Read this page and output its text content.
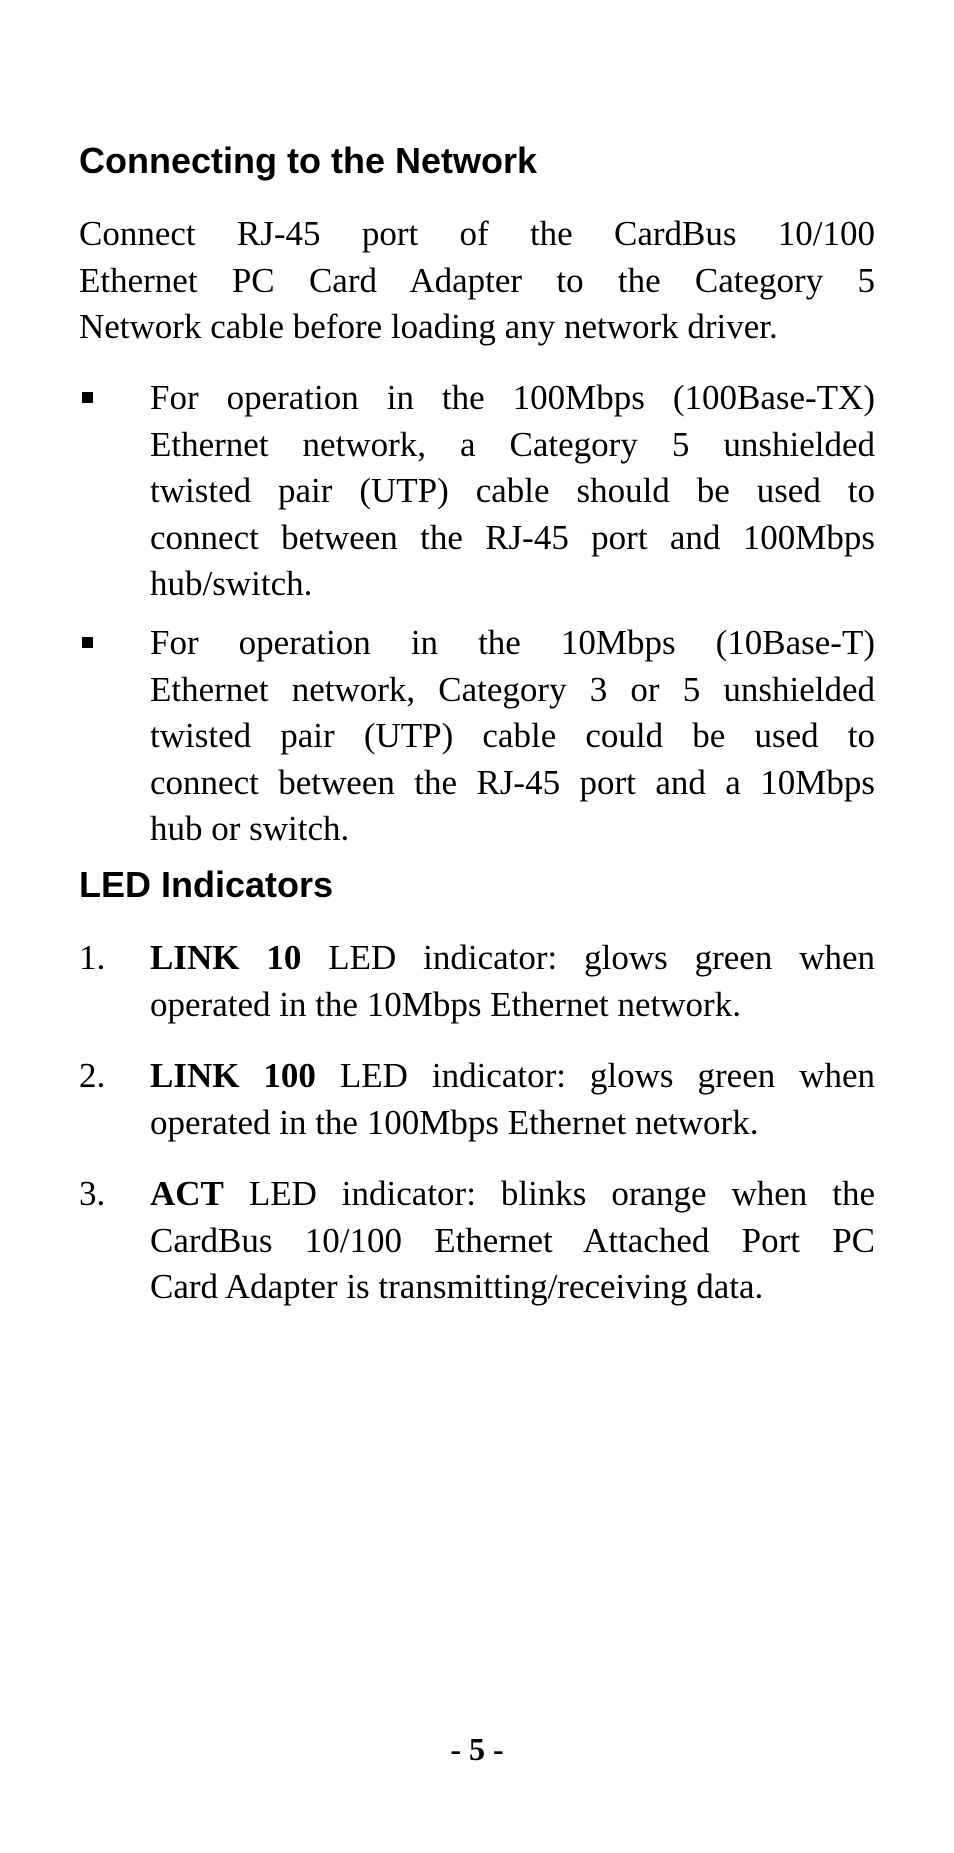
Connecting to the Network
Connect RJ-45 port of the CardBus 10/100
Ethernet PC Card Adapter to the Category 5
Network cable before loading any network driver.
For operation in the 100Mbps (100Base-TX)
Ethernet network, a Category 5 unshielded
twisted pair (UTP) cable should be used to
connect between the RJ-45 port and 100Mbps
hub/switch.
For operation in the 10Mbps (10Base-T)
Ethernet network, Category 3 or 5 unshielded
twisted pair (UTP) cable could be used to
connect between the RJ-45 port and a 10Mbps
hub or switch.
LED Indicators
1. LINK 10 LED indicator: glows green when
operated in the 10Mbps Ethernet network.
2. LINK 100 LED indicator: glows green when
operated in the 100Mbps Ethernet network.
3. ACT LED indicator: blinks orange when the
CardBus 10/100 Ethernet Attached Port PC
Card Adapter is transmitting/receiving data.
- 5 -
